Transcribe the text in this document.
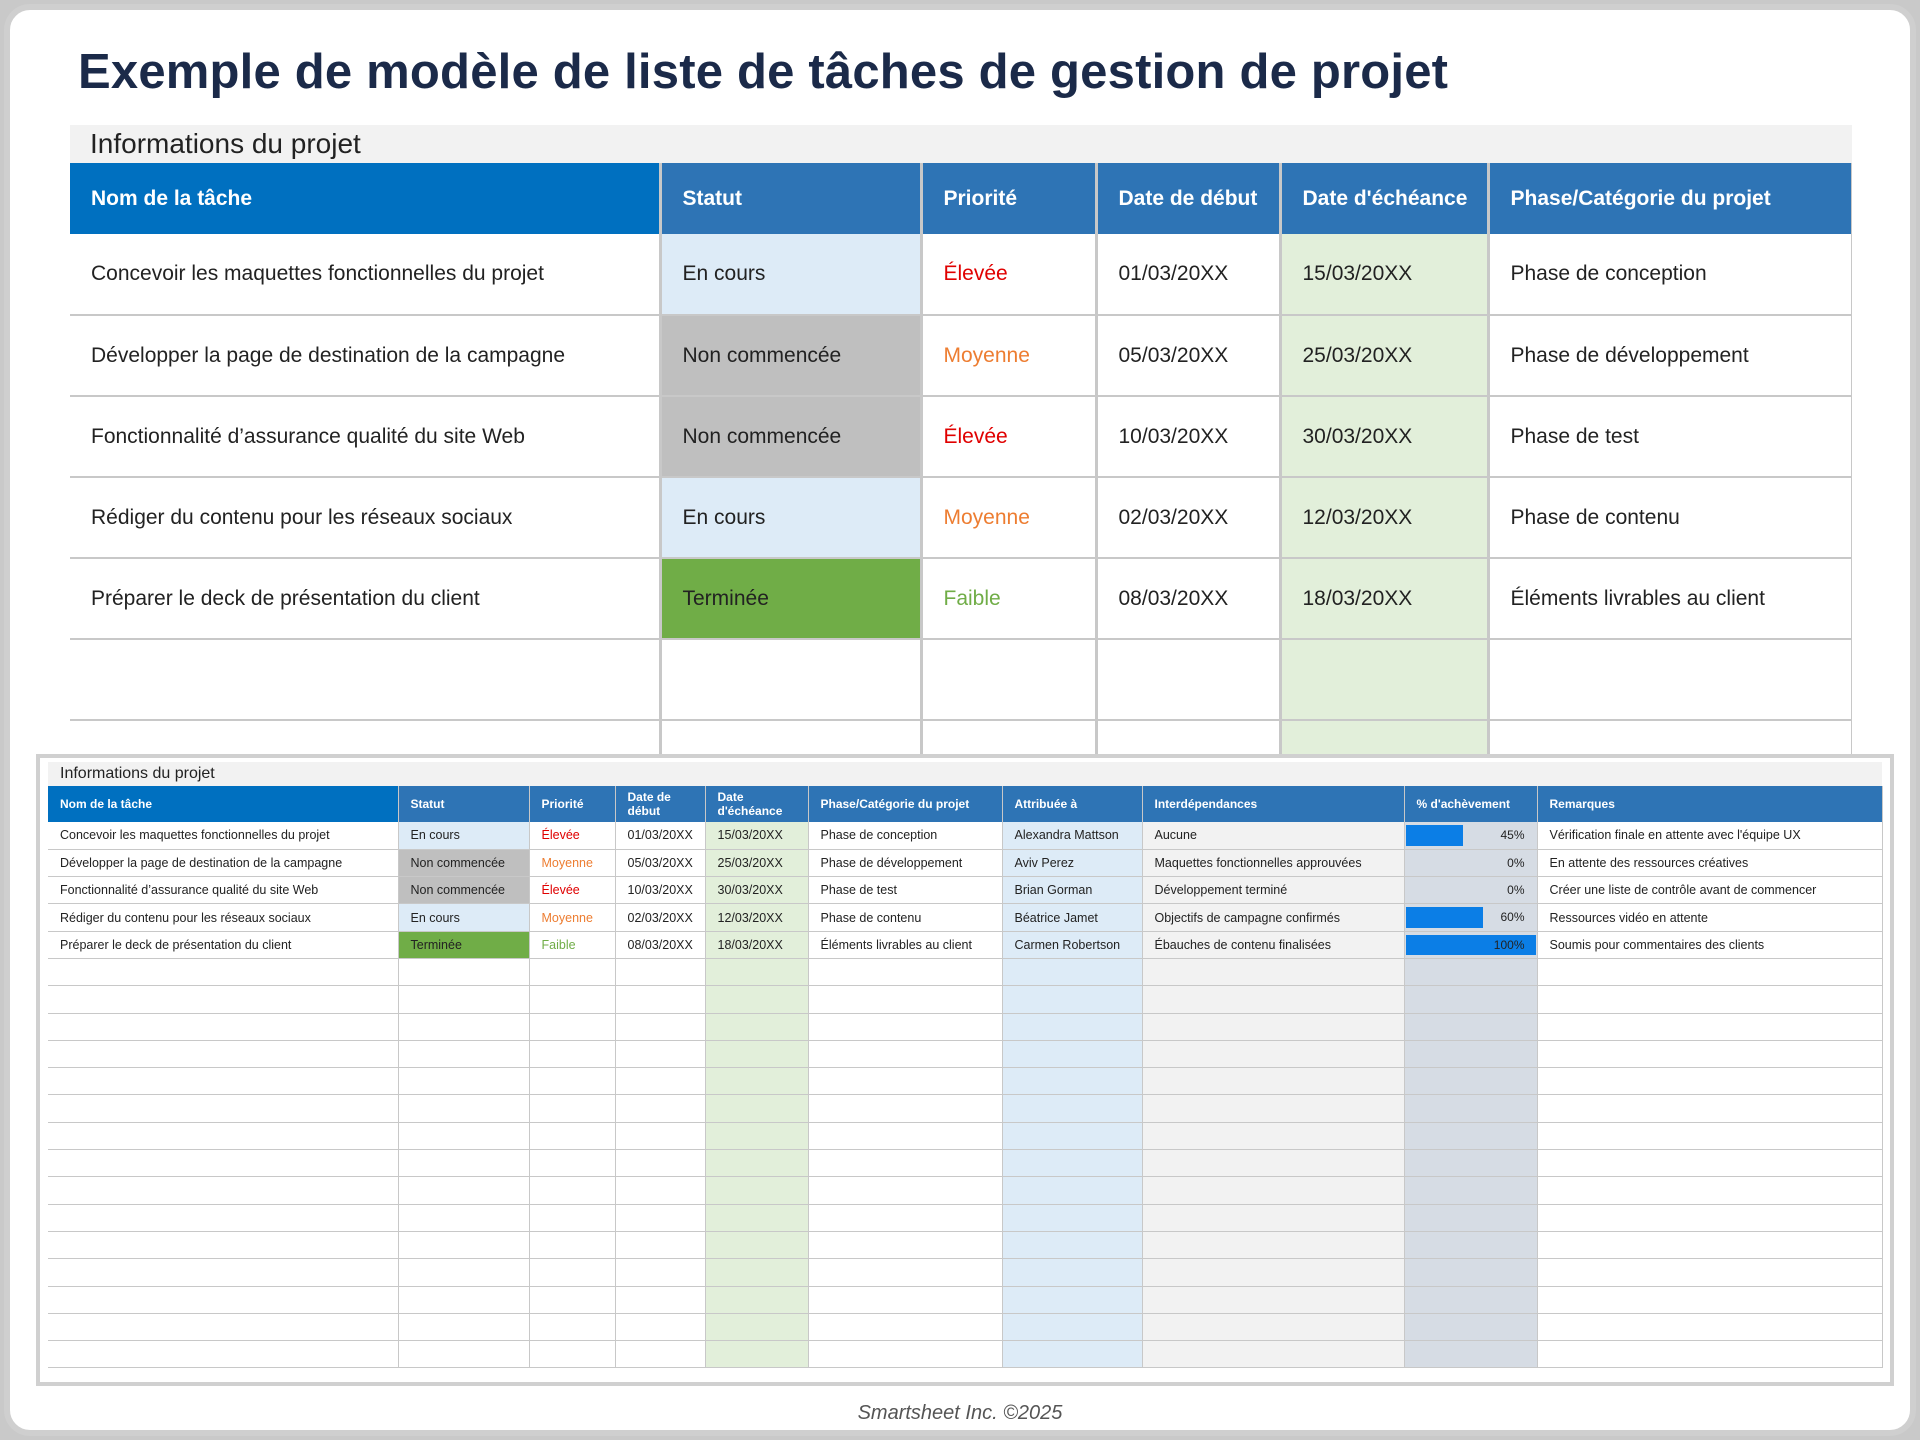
Exemple de modèle de liste de tâches de gestion de projet
Informations du projet
Nom de la tâche	Statut	Priorité	Date de début	Date d'échéance	Phase/Catégorie du projet
Concevoir les maquettes fonctionnelles du projet	En cours	Élevée	01/03/20XX	15/03/20XX	Phase de conception
Développer la page de destination de la campagne	Non commencée	Moyenne	05/03/20XX	25/03/20XX	Phase de développement
Fonctionnalité d’assurance qualité du site Web	Non commencée	Élevée	10/03/20XX	30/03/20XX	Phase de test
Rédiger du contenu pour les réseaux sociaux	En cours	Moyenne	02/03/20XX	12/03/20XX	Phase de contenu
Préparer le deck de présentation du client	Terminée	Faible	08/03/20XX	18/03/20XX	Éléments livrables au client

Informations du projet
Nom de la tâche	Statut	Priorité	Date de début	Date d'échéance	Phase/Catégorie du projet	Attribuée à	Interdépendances	% d'achèvement	Remarques
Concevoir les maquettes fonctionnelles du projet	En cours	Élevée	01/03/20XX	15/03/20XX	Phase de conception	Alexandra Mattson	Aucune	45%	Vérification finale en attente avec l'équipe UX
Développer la page de destination de la campagne	Non commencée	Moyenne	05/03/20XX	25/03/20XX	Phase de développement	Aviv Perez	Maquettes fonctionnelles approuvées	0%	En attente des ressources créatives
Fonctionnalité d’assurance qualité du site Web	Non commencée	Élevée	10/03/20XX	30/03/20XX	Phase de test	Brian Gorman	Développement terminé	0%	Créer une liste de contrôle avant de commencer
Rédiger du contenu pour les réseaux sociaux	En cours	Moyenne	02/03/20XX	12/03/20XX	Phase de contenu	Béatrice Jamet	Objectifs de campagne confirmés	60%	Ressources vidéo en attente
Préparer le deck de présentation du client	Terminée	Faible	08/03/20XX	18/03/20XX	Éléments livrables au client	Carmen Robertson	Ébauches de contenu finalisées	100%	Soumis pour commentaires des clients

Smartsheet Inc. ©2025
